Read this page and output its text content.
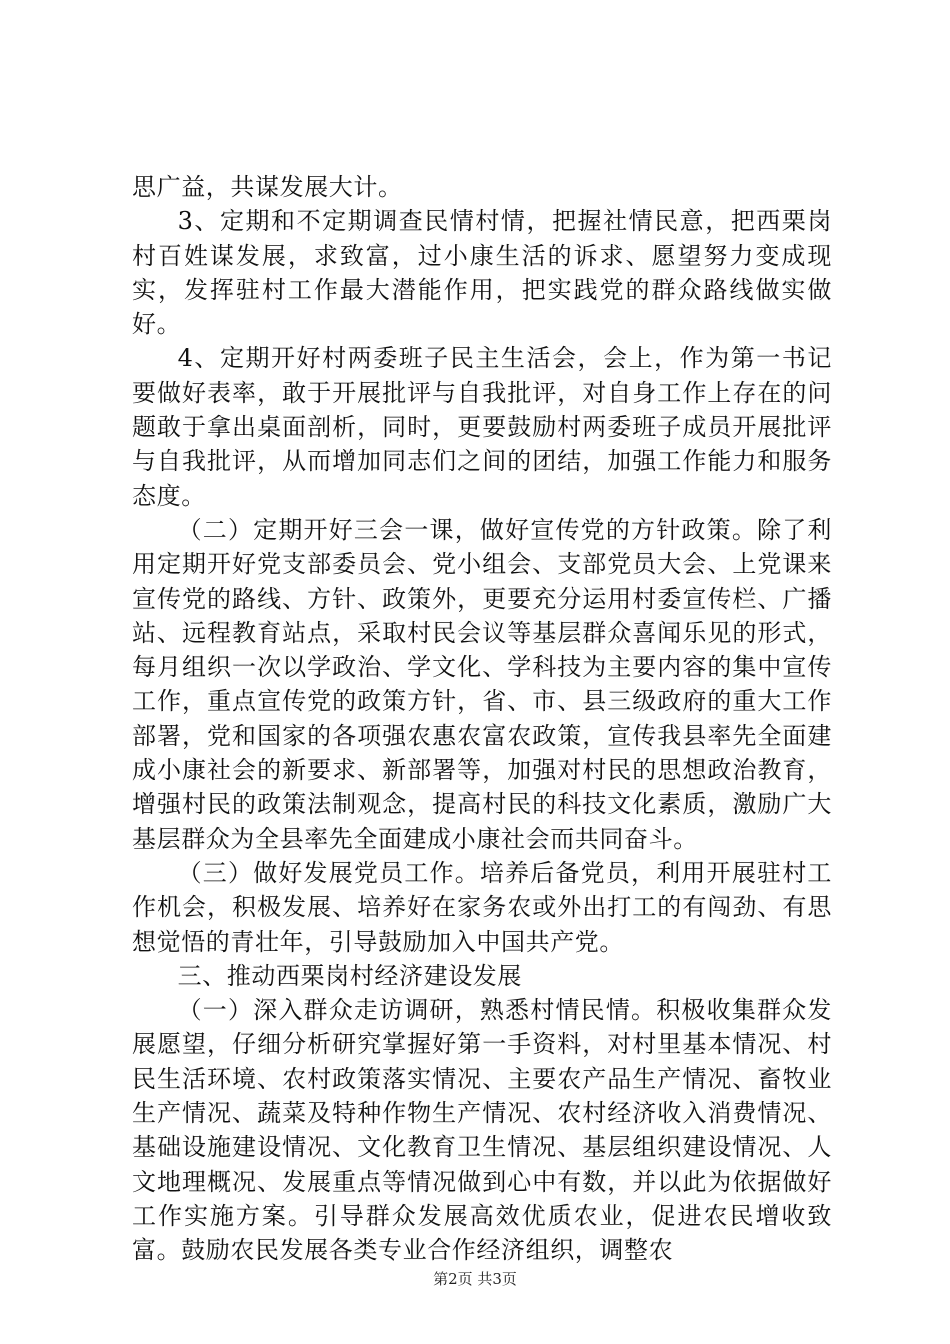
思广益，共谋发展大计。

3、定期和不定期调查民情村情，把握社情民意，把西栗岗村百姓谋发展，求致富，过小康生活的诉求、愿望努力变成现实，发挥驻村工作最大潜能作用，把实践党的群众路线做实做好。

4、定期开好村两委班子民主生活会，会上，作为第一书记要做好表率，敢于开展批评与自我批评，对自身工作上存在的问题敢于拿出桌面剖析，同时，更要鼓励村两委班子成员开展批评与自我批评，从而增加同志们之间的团结，加强工作能力和服务态度。

（二）定期开好三会一课，做好宣传党的方针政策。除了利用定期开好党支部委员会、党小组会、支部党员大会、上党课来宣传党的路线、方针、政策外，更要充分运用村委宣传栏、广播站、远程教育站点，采取村民会议等基层群众喜闻乐见的形式，每月组织一次以学政治、学文化、学科技为主要内容的集中宣传工作，重点宣传党的政策方针，省、市、县三级政府的重大工作部署，党和国家的各项强农惠农富农政策，宣传我县率先全面建成小康社会的新要求、新部署等，加强对村民的思想政治教育，增强村民的政策法制观念，提高村民的科技文化素质，激励广大基层群众为全县率先全面建成小康社会而共同奋斗。

（三）做好发展党员工作。培养后备党员，利用开展驻村工作机会，积极发展、培养好在家务农或外出打工的有闯劲、有思想觉悟的青壮年，引导鼓励加入中国共产党。

三、推动西栗岗村经济建设发展

（一）深入群众走访调研，熟悉村情民情。积极收集群众发展愿望，仔细分析研究掌握好第一手资料，对村里基本情况、村民生活环境、农村政策落实情况、主要农产品生产情况、畜牧业生产情况、蔬菜及特种作物生产情况、农村经济收入消费情况、基础设施建设情况、文化教育卫生情况、基层组织建设情况、人文地理概况、发展重点等情况做到心中有数，并以此为依据做好工作实施方案。引导群众发展高效优质农业，促进农民增收致富。鼓励农民发展各类专业合作经济组织，调整农

第2页 共3页
